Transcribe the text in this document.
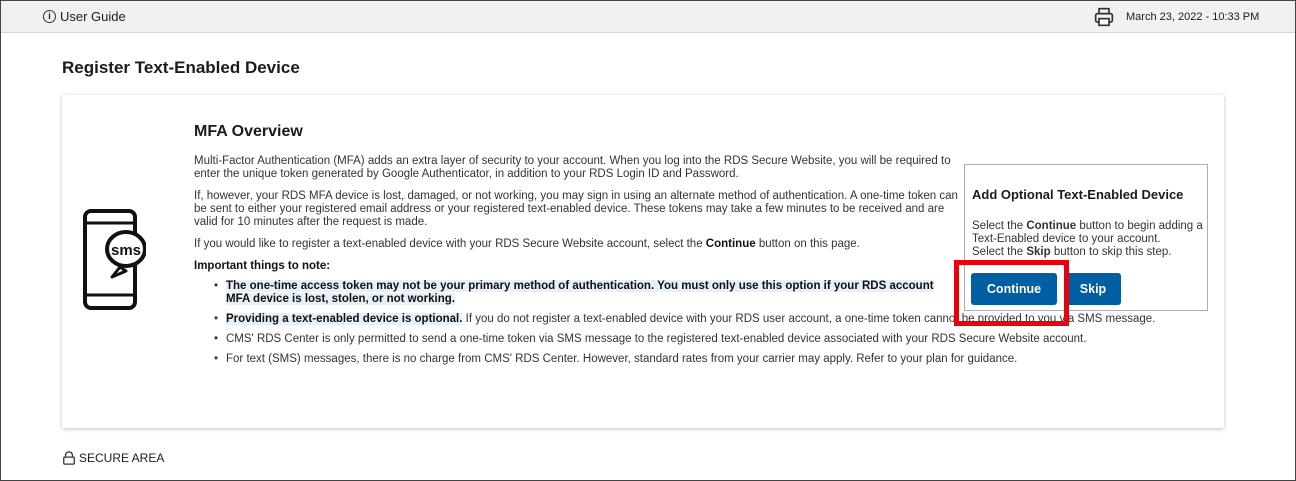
i User Guide	March 23, 2022 - 10:33 PM
Register Text-Enabled Device
sms
MFA Overview

Multi-Factor Authentication (MFA) adds an extra layer of security to your account. When you log into the RDS Secure Website, you will be required to enter the unique token generated by Google Authenticator, in addition to your RDS Login ID and Password.

If, however, your RDS MFA device is lost, damaged, or not working, you may sign in using an alternate method of authentication. A one-time token can be sent to either your registered email address or your registered text-enabled device. These tokens may take a few minutes to be received and are valid for 10 minutes after the request is made.

If you would like to register a text-enabled device with your RDS Secure Website account, select the Continue button on this page.

Important things to note:
• The one-time access token may not be your primary method of authentication. You must only use this option if your RDS account MFA device is lost, stolen, or not working.
• Providing a text-enabled device is optional. If you do not register a text-enabled device with your RDS user account, a one-time token cannot be provided to you via SMS message.
• CMS' RDS Center is only permitted to send a one-time token via SMS message to the registered text-enabled device associated with your RDS Secure Website account.
• For text (SMS) messages, there is no charge from CMS' RDS Center. However, standard rates from your carrier may apply. Refer to your plan for guidance.
Add Optional Text-Enabled Device
Select the Continue button to begin adding a Text-Enabled device to your account.
Select the Skip button to skip this step.
Continue	Skip
SECURE AREA
